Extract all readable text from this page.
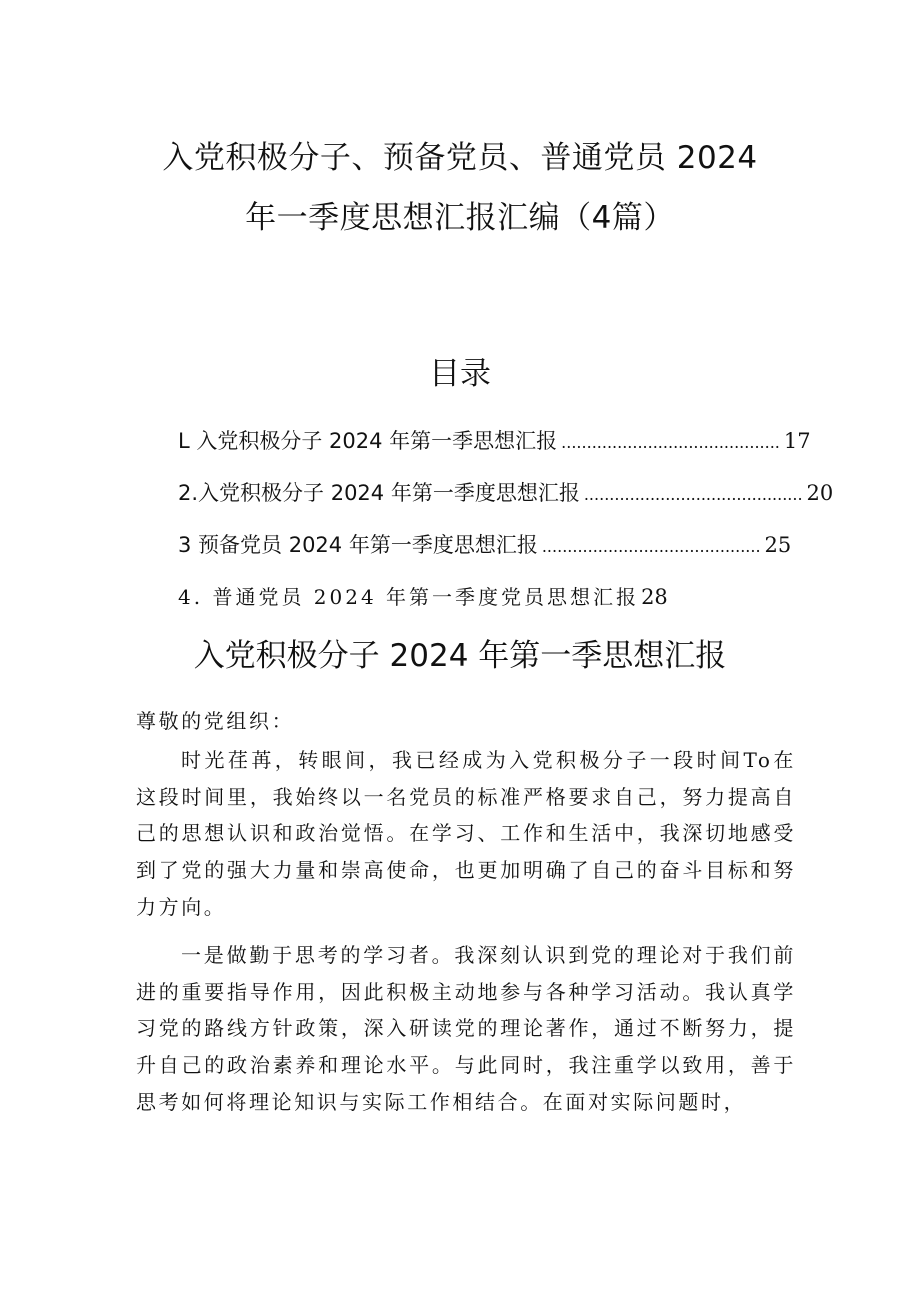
入党积极分子、预备党员、普通党员 2024
年一季度思想汇报汇编（4篇）
目录
L 入党积极分子 2024 年第一季思想汇报 ........................................... 17
2.入党积极分子 2024 年第一季度思想汇报 ........................................... 20
3 预备党员 2024 年第一季度思想汇报 ........................................... 25
4. 普通党员 2024 年第一季度党员思想汇报 28
入党积极分子 2024 年第一季思想汇报

尊敬的党组织：

时光荏苒，转眼间，我已经成为入党积极分子一段时间To在这段时间里，我始终以一名党员的标准严格要求自己，努力提高自己的思想认识和政治觉悟。在学习、工作和生活中，我深切地感受到了党的强大力量和崇高使命，也更加明确了自己的奋斗目标和努力方向。

一是做勤于思考的学习者。我深刻认识到党的理论对于我们前进的重要指导作用，因此积极主动地参与各种学习活动。我认真学习党的路线方针政策，深入研读党的理论著作，通过不断努力，提升自己的政治素养和理论水平。与此同时，我注重学以致用，善于思考如何将理论知识与实际工作相结合。在面对实际问题时，
